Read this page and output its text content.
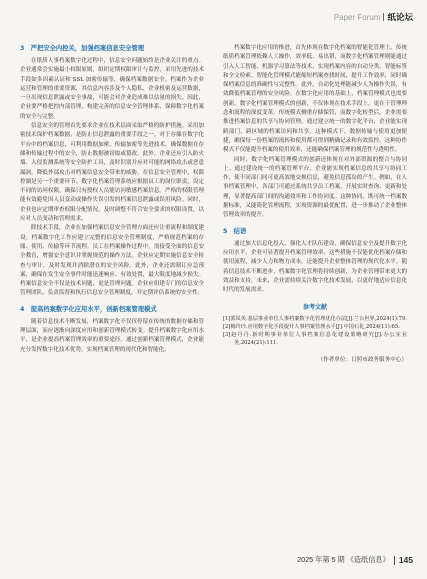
Paper Forum 纸论坛
3　严把安全内控关，加强档案信息安全管理

在纸质人事档案数字化过程中，信息安全问题始终是企业关注的重点。企业通常会实施最小权限原则，组织定期权限审计与监控，采用先进的技术手段如多因素认证和 SSL 加密传输等，确保档案数据安全。档案作为企业运营和管理的重要资源，其信息内容涉及个人隐私、企业机密及运营数据，一旦出现信息泄露或安全事故，可能会对企业造成难以估量的损失。因此，企业要严格把控内部管理，构建完善的信息安全管理体系，保障数字化档案的安全与完整。

信息安全的管理首先要求企业在技术层面采取严格的防护措施。采用加密技术保护档案数据，是防止信息泄露的重要手段之一。对于存储在数字化平台中的档案信息，可利用数据加密、传输加密等先进技术，确保数据在存储和传输过程中的安全，防止数据被窃取或篡改。此外，企业还应引入防火墙、入侵监测系统等安全防护工具，及时识别并应对可能的网络攻击或恶意漏洞，降低外部攻击对档案信息安全带来的威胁。在信息安全管理中，权限控制是另一个重要环节。数字化档案管理系统应根据员工的岗位职责，设定不同的访问权限，确保只有授权人员能访问敏感档案信息。严格的权限管理能有效避免因人员变动或操作失误引发的档案信息泄露或误用风险。同时，企业也应定期审查权限分配情况，及时调整不符合安全要求的权限设置，以应对人员变动和管理需求。

除技术手段，企业在加强档案信息安全管理方面还应注重流程和制度建设。档案数字化工作应建立完整的信息安全管理制度，严格规范档案的存储、使用、传输等环节流程。员工在档案操作过程中，需接受全面的信息安全教育，增强安全意识并掌握规范的操作方法。企业应定期实施信息安全检查与审计，及时发现并消除潜在的安全风险。此外，企业还需制订应急预案，确保在发生安全事件时能迅速响应、有效处置，最大限度地减少损失。档案信息安全不仅是技术问题，更是管理问题。企业应组建专门的信息安全管理团队，负责监督和执行信息安全管理制度，并定期评估系统的安全性。

4　提高档案数字化应用水平，创新档案管理模式

随着信息技术不断发展，档案数字化不仅仅停留在传统的数据存储和管理层面，而应逐渐向深度应用和创新管理模式转变。提升档案数字化应用水平，是企业提高档案管理效率的重要途径。通过创新档案管理模式，企业能充分发挥数字化技术优势，实现档案管理的现代化和智能化。

档案数字化应用的推进，首先体现在数字化档案的智能化管理上。传统纸质档案管理依赖人工操作，效率低、易出错，而数字化档案管理则能通过引入人工智能、机器学习算法等技术，实现档案内容的自动分类、智能标签和全文检索。智能化管理模式能缩短档案查找时间，提升工作效率，同时确保档案信息的准确性与完整性。此外，自动化处理能减少人为操作失误，有效降低档案管理的安全风险。在数字化应用的基础上，档案管理模式也需要创新。数字化档案管理模式的创新，不仅体现在技术手段上，更在于管理理念和流程的深度变革。传统模式侧重存储保管，而数字化转型后，企业需要推进档案信息的共享与协同管理。通过建立统一的数字化平台，企业能实现跨部门、跨区域的档案访问和共享。这种模式下，数据传输与使用更加便捷，确保每一份档案的流转和使用都可得到精确记录和有效监控。这种协作模式不仅能提升档案的使用效率，还能确保档案管理的规范性与透明性。

同时，数字化档案管理模式的创新还体现在对外部资源的整合与协同上。通过建设统一的档案管理平台，企业能实现档案信息的共享与协同工作，使不同部门间可更高效地交换信息，避免信息孤岛的产生。例如，在人事档案管理中，各部门可通过系统共享员工档案，开展实时查询、更新和处理，显著提高部门间的沟通效率和工作协同度。这种协同，既可统一档案数据标准，又能简化管理流程，实现资源的最优配置，进一步推动了企业整体管理效率的提升。

5　结语

通过加大信息化投入、强化人才队伍建设、确保信息安全及提升数字化应用水平，企业可显著提升档案管理效率。这些措施不仅能优化档案存储和使用流程，减少人力和物力成本，还能提升企业整体管理的现代化水平。随着信息技术不断进步，档案数字化管理将持续创新，为企业管理带来更大的效益和支持。未来，企业需持续关注数字化技术发展，以更好地适应信息化时代的发展需求。

参考文献
[1]郭凤英.基层事业单位人事档案数字化管理优化办法[J].兰台世界,2024(1):79.
[2]梅玲玲.应用数字化手段提升人事档案管理水平[J].中国石化,2024(11):65.
[3]赵丹丹.新时期事业单位人事档案信息化建设策略研究[J].办公室业务,2024(21):111.
（作者单位：日照市政务服务中心）
2025 年第 5 期 《造纸信息》 145
